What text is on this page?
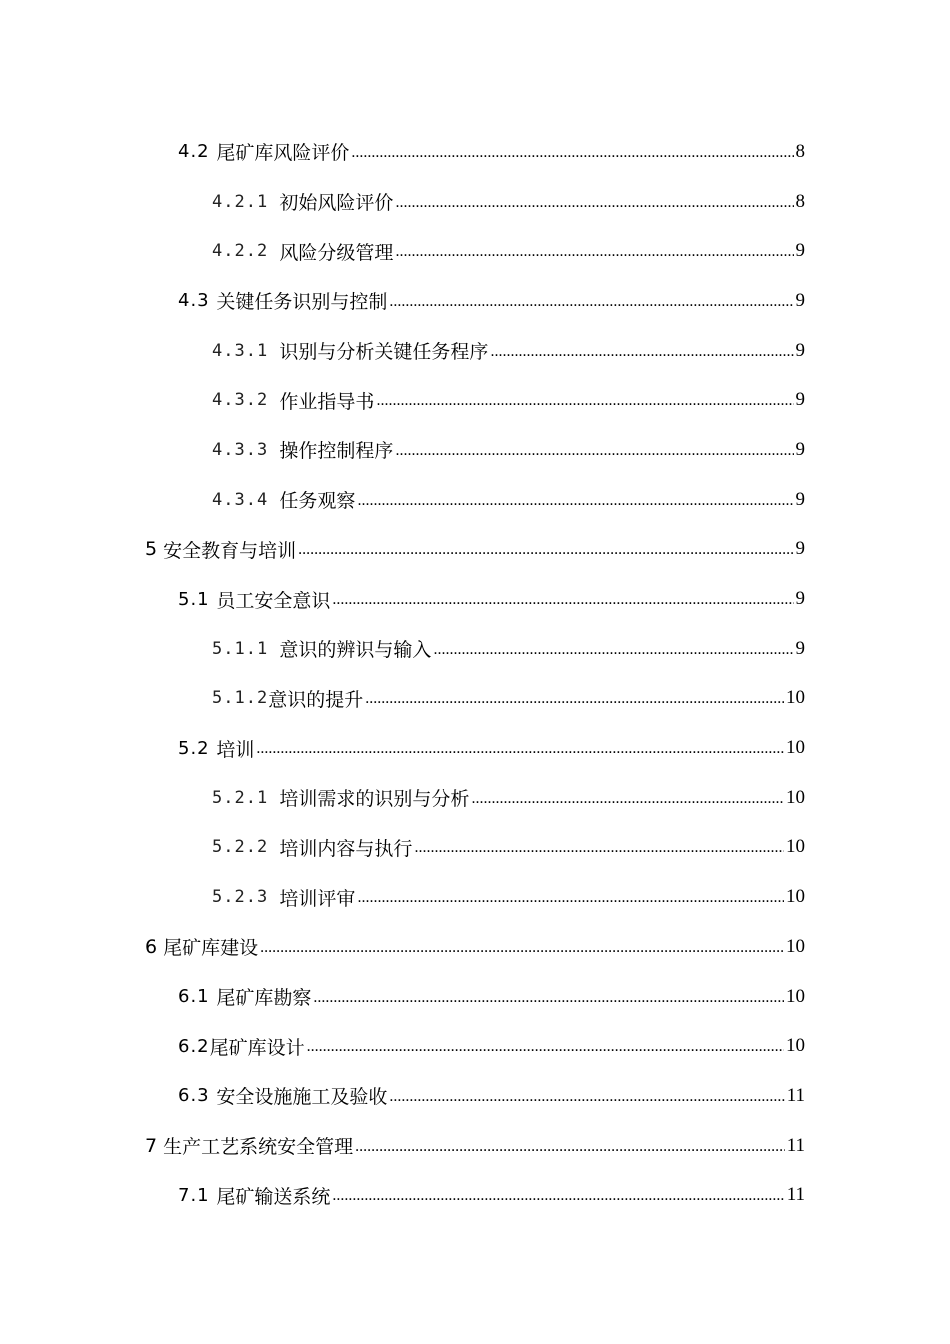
4.2 尾矿库风险评价 .....	8
4.2.1 初始风险评价 .....	8
4.2.2 风险分级管理 .....	9
4.3 关键任务识别与控制 .....	9
4.3.1 识别与分析关键任务程序 .....	9
4.3.2 作业指导书 .....	9
4.3.3 操作控制程序 .....	9
4.3.4 任务观察 .....	9
5 安全教育与培训 .....	9
5.1 员工安全意识 .....	9
5.1.1 意识的辨识与输入 .....	9
5.1.2 意识的提升 .....	10
5.2 培训 .....	10
5.2.1 培训需求的识别与分析 .....	10
5.2.2 培训内容与执行 .....	10
5.2.3 培训评审 .....	10
6 尾矿库建设 .....	10
6.1 尾矿库勘察 .....	10
6.2 尾矿库设计 .....	10
6.3 安全设施施工及验收 .....	11
7 生产工艺系统安全管理 .....	11
7.1 尾矿输送系统 .....	11
